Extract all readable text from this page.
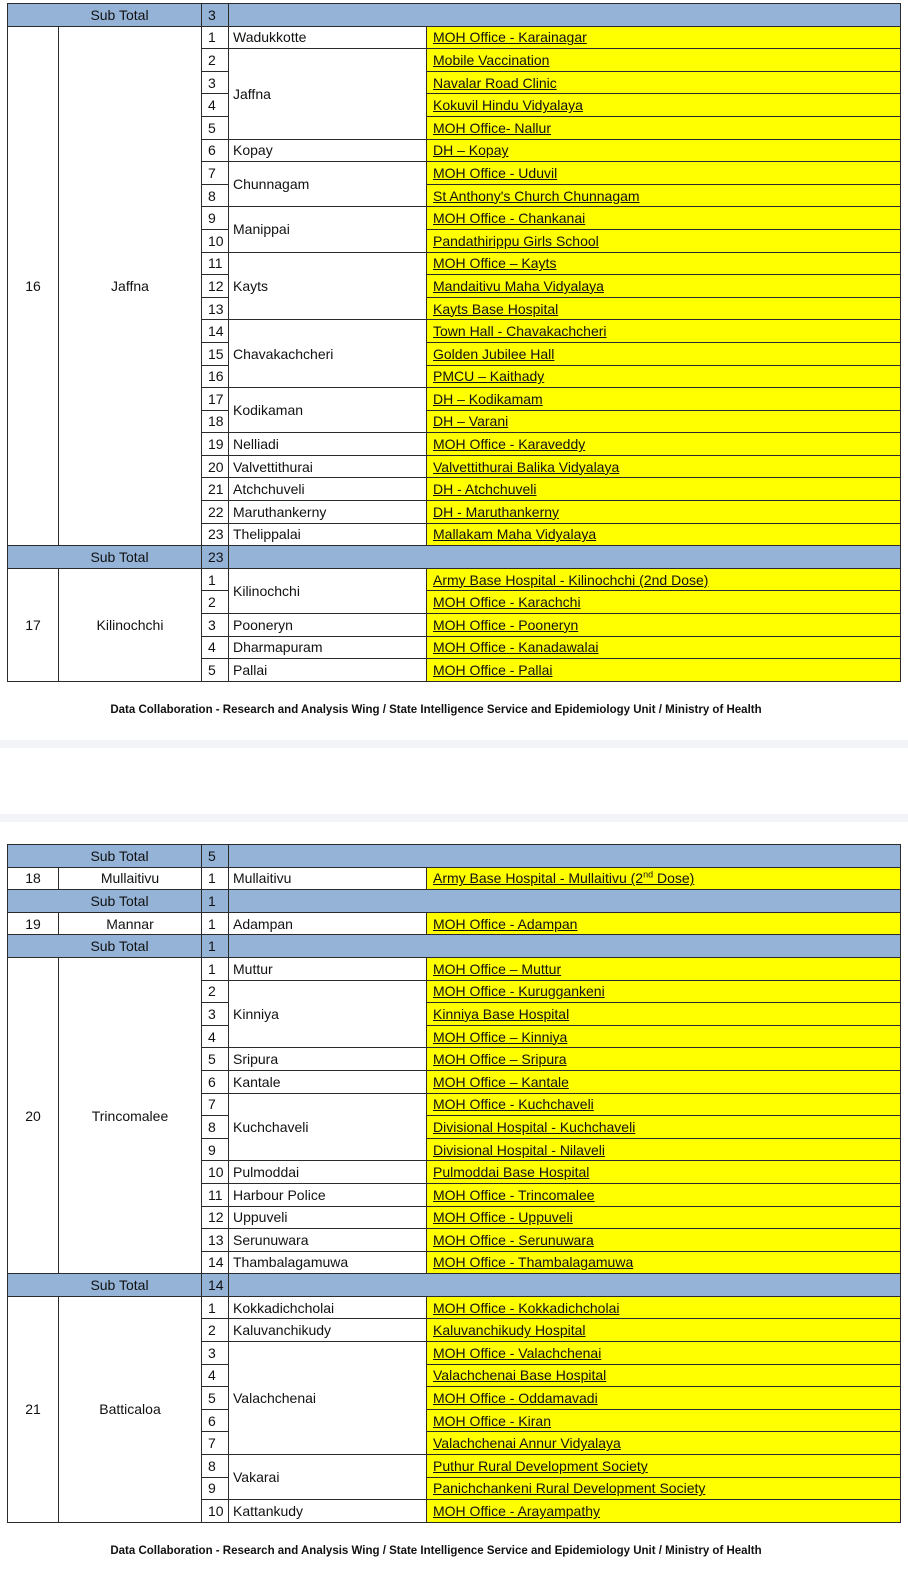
Sub Total		3		
16	Jaffna	1	Wadukkotte	MOH Office - Karainagar
		2	Jaffna	Mobile Vaccination
		3		Navalar Road Clinic
		4		Kokuvil Hindu Vidyalaya
		5		MOH Office- Nallur
		6	Kopay	DH – Kopay
		7	Chunnagam	MOH Office - Uduvil
		8		St Anthony's Church Chunnagam
		9	Manippai	MOH Office - Chankanai
		10		Pandathirippu Girls School
		11	Kayts	MOH Office – Kayts
		12		Mandaitivu Maha Vidyalaya
		13		Kayts Base Hospital
		14	Chavakachcheri	Town Hall - Chavakachcheri
		15		Golden Jubilee Hall
		16		PMCU – Kaithady
		17	Kodikaman	DH – Kodikamam
		18		DH – Varani
		19	Nelliadi	MOH Office - Karaveddy
		20	Valvettithurai	Valvettithurai Balika Vidyalaya
		21	Atchchuveli	DH - Atchchuveli
		22	Maruthankerny	DH - Maruthankerny
		23	Thelippalai	Mallakam Maha Vidyalaya
Sub Total		23		
17	Kilinochchi	1	Kilinochchi	Army Base Hospital - Kilinochchi (2nd Dose)
		2		MOH Office - Karachchi
		3	Pooneryn	MOH Office - Pooneryn
		4	Dharmapuram	MOH Office - Kanadawalai
		5	Pallai	MOH Office - Pallai
Data Collaboration - Research and Analysis Wing / State Intelligence Service and Epidemiology Unit / Ministry of Health
Sub Total		5		
18	Mullaitivu	1	Mullaitivu	Army Base Hospital - Mullaitivu (2nd Dose)
Sub Total		1		
19	Mannar	1	Adampan	MOH Office - Adampan
Sub Total		1		
20	Trincomalee	1	Muttur	MOH Office – Muttur
		2	Kinniya	MOH Office - Kuruggankeni
		3		Kinniya Base Hospital
		4		MOH Office – Kinniya
		5	Sripura	MOH Office – Sripura
		6	Kantale	MOH Office – Kantale
		7	Kuchchaveli	MOH Office - Kuchchaveli
		8		Divisional Hospital - Kuchchaveli
		9		Divisional Hospital - Nilaveli
		10	Pulmoddai	Pulmoddai Base Hospital
		11	Harbour Police	MOH Office - Trincomalee
		12	Uppuveli	MOH Office - Uppuveli
		13	Serunuwara	MOH Office - Serunuwara
		14	Thambalagamuwa	MOH Office - Thambalagamuwa
Sub Total		14		
21	Batticaloa	1	Kokkadichcholai	MOH Office - Kokkadichcholai
		2	Kaluvanchikudy	Kaluvanchikudy Hospital
		3	Valachchenai	MOH Office - Valachchenai
		4		Valachchenai Base Hospital
		5		MOH Office - Oddamavadi
		6		MOH Office - Kiran
		7		Valachchenai Annur Vidyalaya
		8	Vakarai	Puthur Rural Development Society
		9		Panichchankeni Rural Development Society
		10	Kattankudy	MOH Office - Arayampathy
Data Collaboration - Research and Analysis Wing / State Intelligence Service and Epidemiology Unit / Ministry of Health
